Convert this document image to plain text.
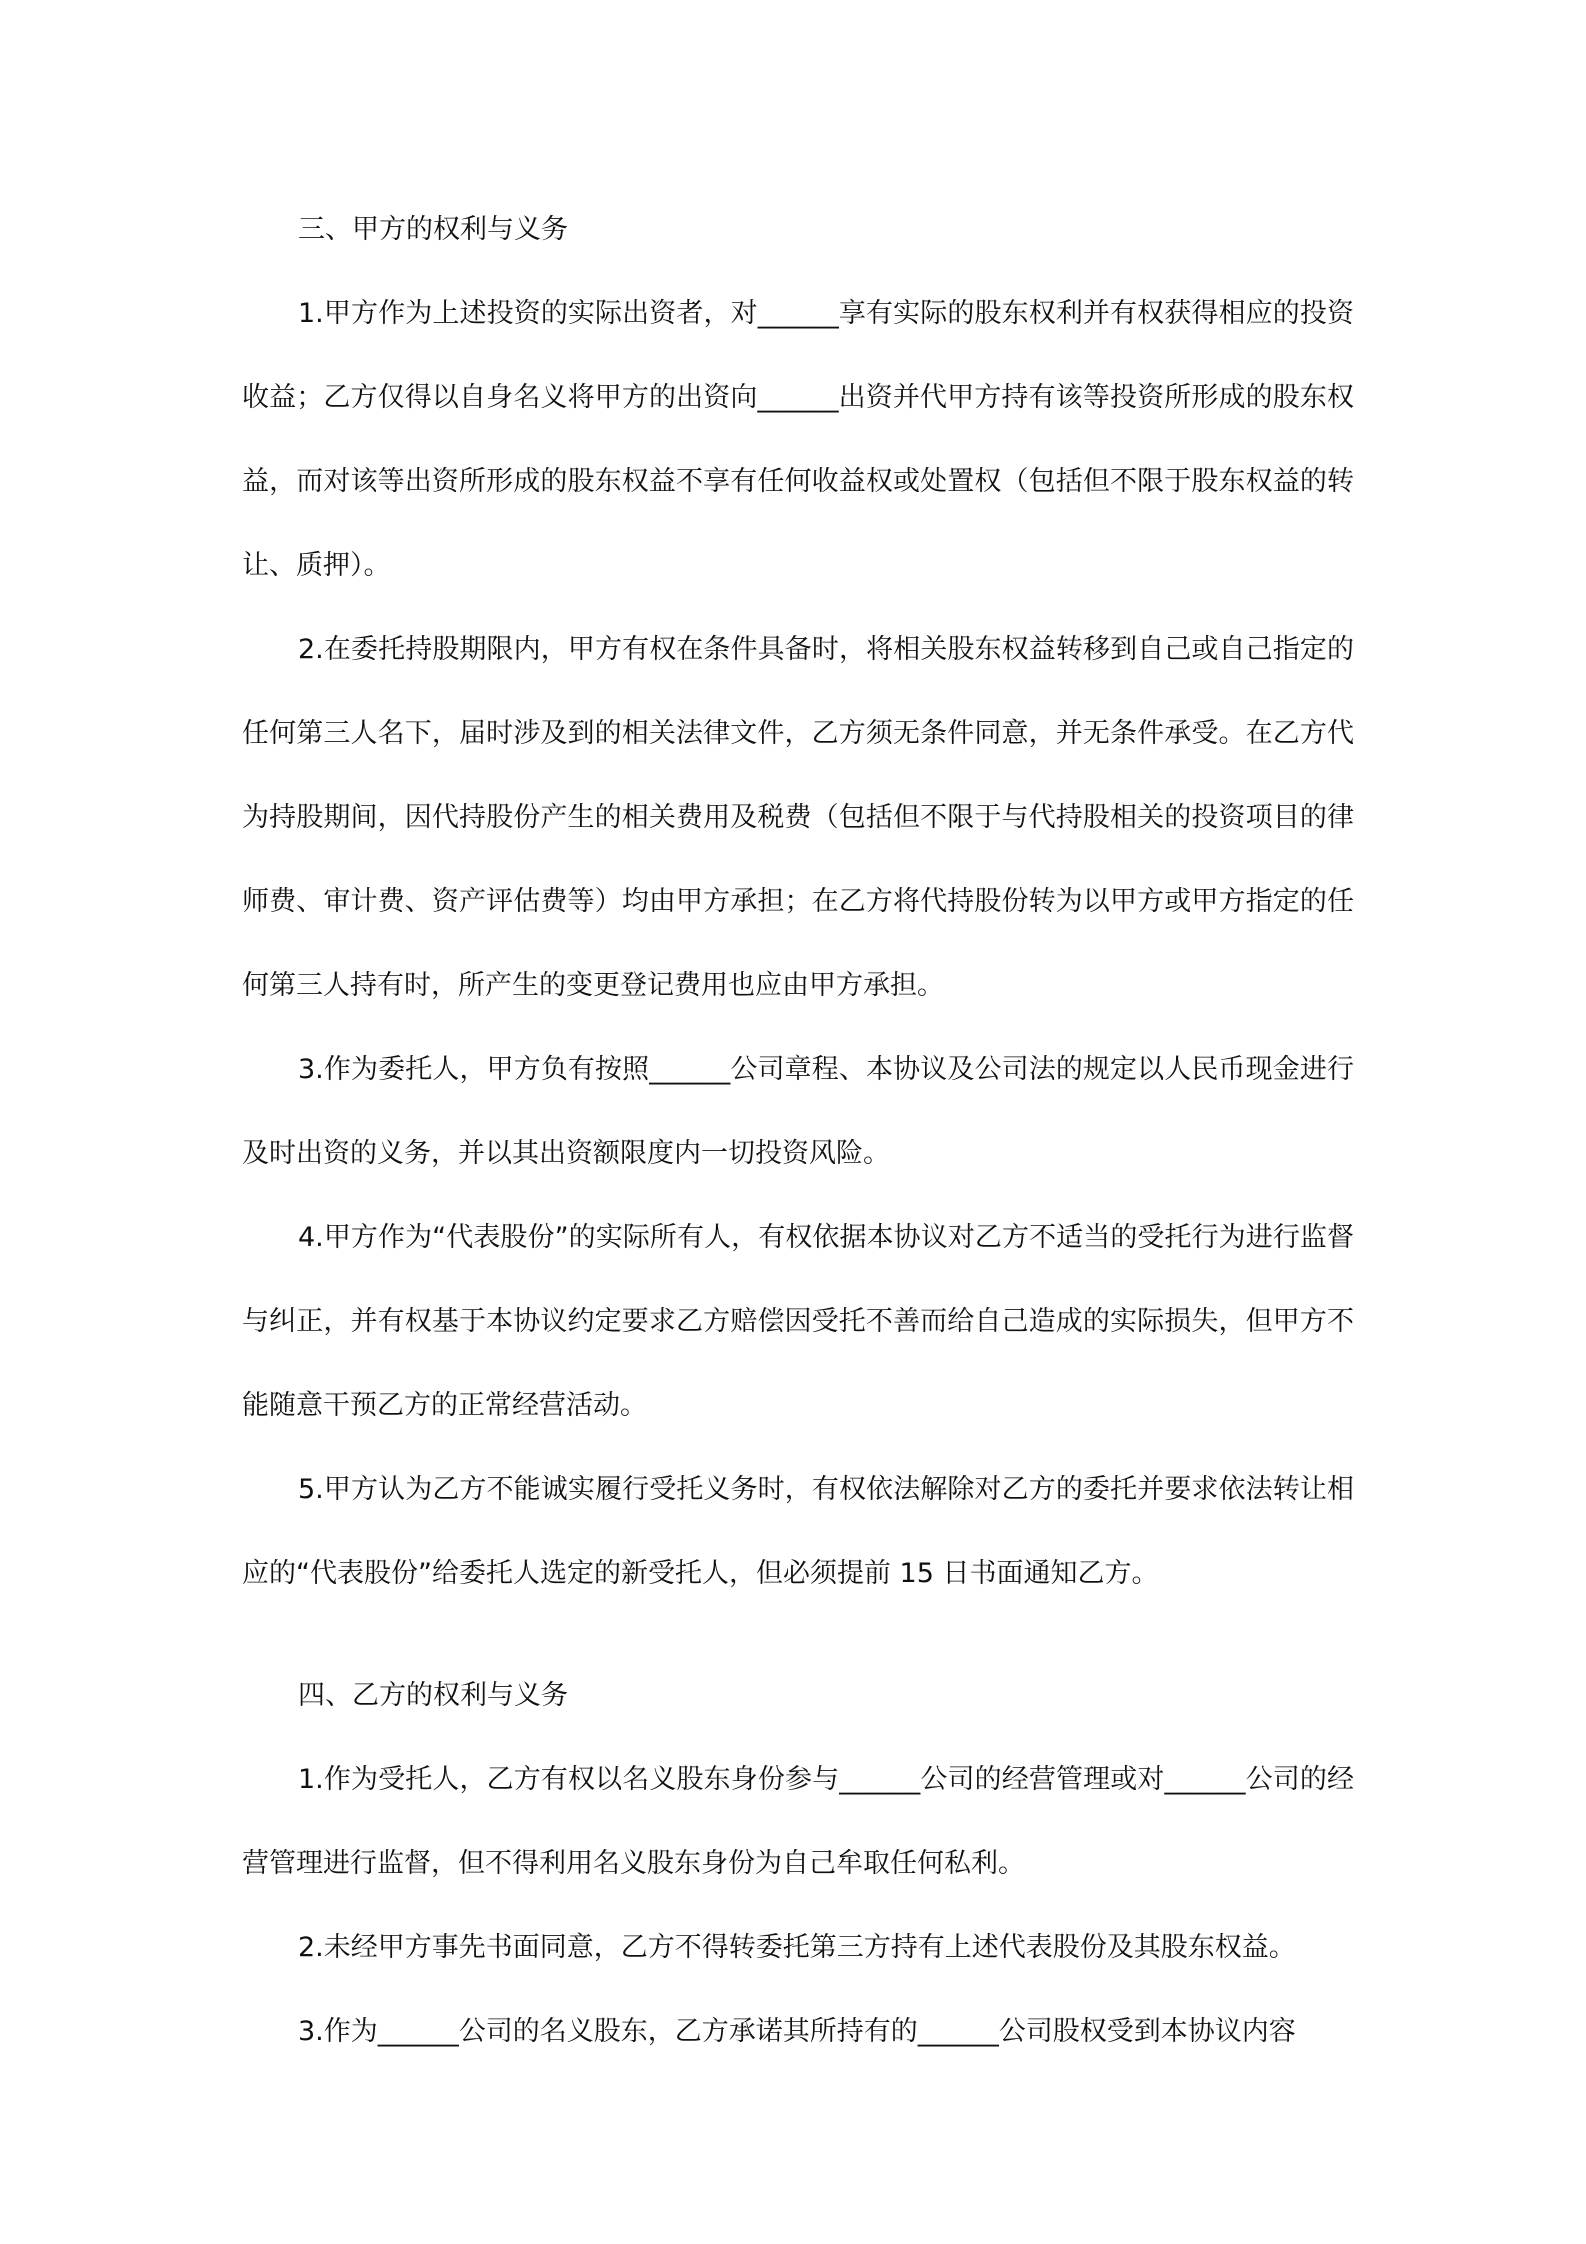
三、甲方的权利与义务

1.甲方作为上述投资的实际出资者，对______享有实际的股东权利并有权获得相应的投资收益；乙方仅得以自身名义将甲方的出资向______出资并代甲方持有该等投资所形成的股东权益，而对该等出资所形成的股东权益不享有任何收益权或处置权（包括但不限于股东权益的转让、质押）。

2.在委托持股期限内，甲方有权在条件具备时，将相关股东权益转移到自己或自己指定的任何第三人名下，届时涉及到的相关法律文件，乙方须无条件同意，并无条件承受。在乙方代为持股期间，因代持股份产生的相关费用及税费（包括但不限于与代持股相关的投资项目的律师费、审计费、资产评估费等）均由甲方承担；在乙方将代持股份转为以甲方或甲方指定的任何第三人持有时，所产生的变更登记费用也应由甲方承担。

3.作为委托人，甲方负有按照______公司章程、本协议及公司法的规定以人民币现金进行及时出资的义务，并以其出资额限度内一切投资风险。

4.甲方作为“代表股份”的实际所有人，有权依据本协议对乙方不适当的受托行为进行监督与纠正，并有权基于本协议约定要求乙方赔偿因受托不善而给自己造成的实际损失，但甲方不能随意干预乙方的正常经营活动。

5.甲方认为乙方不能诚实履行受托义务时，有权依法解除对乙方的委托并要求依法转让相应的“代表股份”给委托人选定的新受托人，但必须提前 15 日书面通知乙方。

四、乙方的权利与义务

1.作为受托人，乙方有权以名义股东身份参与______公司的经营管理或对______公司的经营管理进行监督，但不得利用名义股东身份为自己牟取任何私利。

2.未经甲方事先书面同意，乙方不得转委托第三方持有上述代表股份及其股东权益。

3.作为______公司的名义股东，乙方承诺其所持有的______公司股权受到本协议内容
